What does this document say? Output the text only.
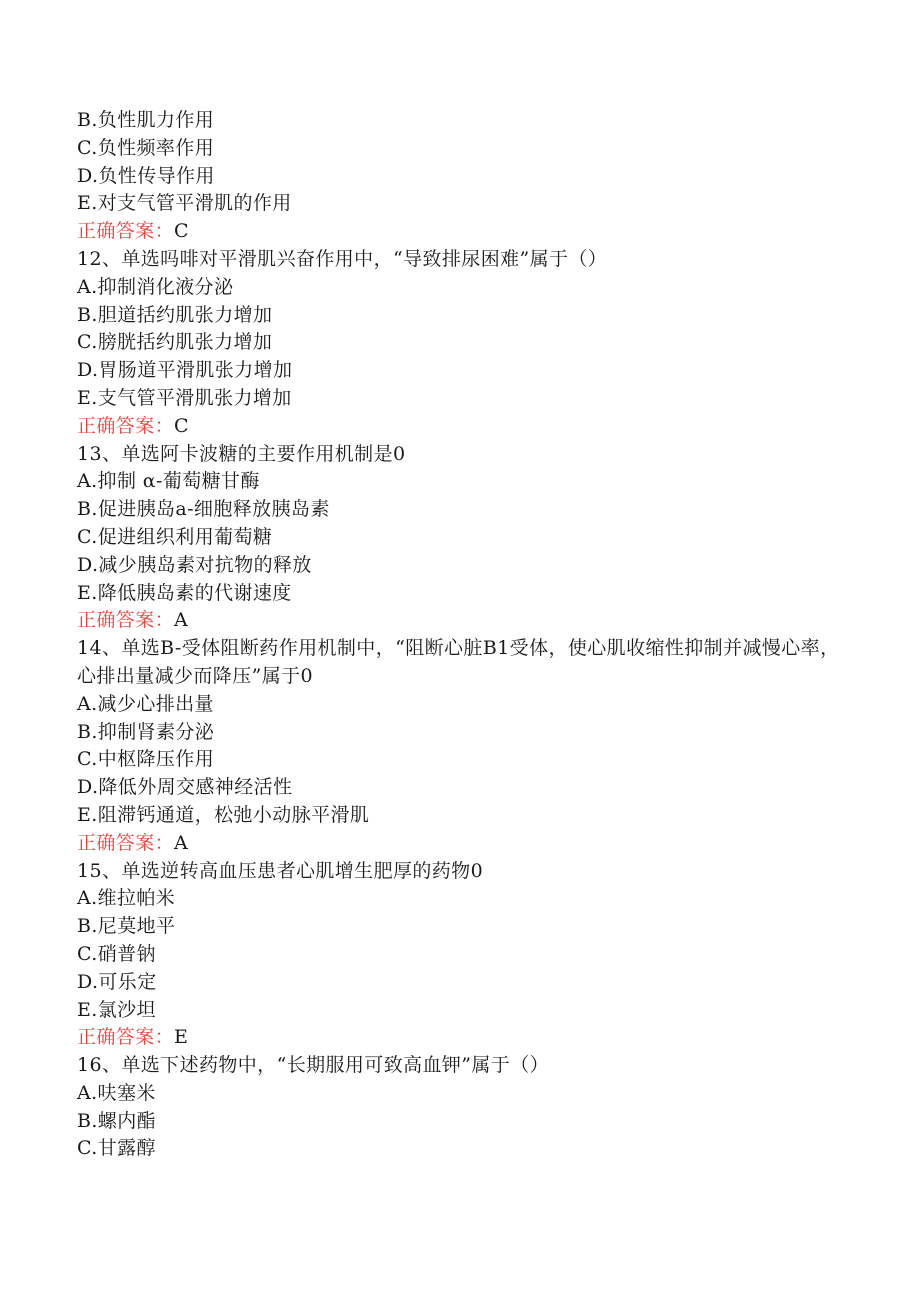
B.负性肌力作用
C.负性频率作用
D.负性传导作用
E.对支气管平滑肌的作用
正确答案：C
12、单选吗啡对平滑肌兴奋作用中，“导致排尿困难”属于（）
A.抑制消化液分泌
B.胆道括约肌张力增加
C.膀胱括约肌张力增加
D.胃肠道平滑肌张力增加
E.支气管平滑肌张力增加
正确答案：C
13、单选阿卡波糖的主要作用机制是0
A.抑制 α-葡萄糖甘酶
B.促进胰岛a-细胞释放胰岛素
C.促进组织利用葡萄糖
D.减少胰岛素对抗物的释放
E.降低胰岛素的代谢速度
正确答案：A
14、单选B-受体阻断药作用机制中，“阻断心脏B1受体，使心肌收缩性抑制并减慢心率，心排出量减少而降压”属于0
A.减少心排出量
B.抑制肾素分泌
C.中枢降压作用
D.降低外周交感神经活性
E.阻滞钙通道，松弛小动脉平滑肌
正确答案：A
15、单选逆转高血压患者心肌增生肥厚的药物0
A.维拉帕米
B.尼莫地平
C.硝普钠
D.可乐定
E.氯沙坦
正确答案：E
16、单选下述药物中，“长期服用可致高血钾”属于（）
A.呋塞米
B.螺内酯
C.甘露醇
